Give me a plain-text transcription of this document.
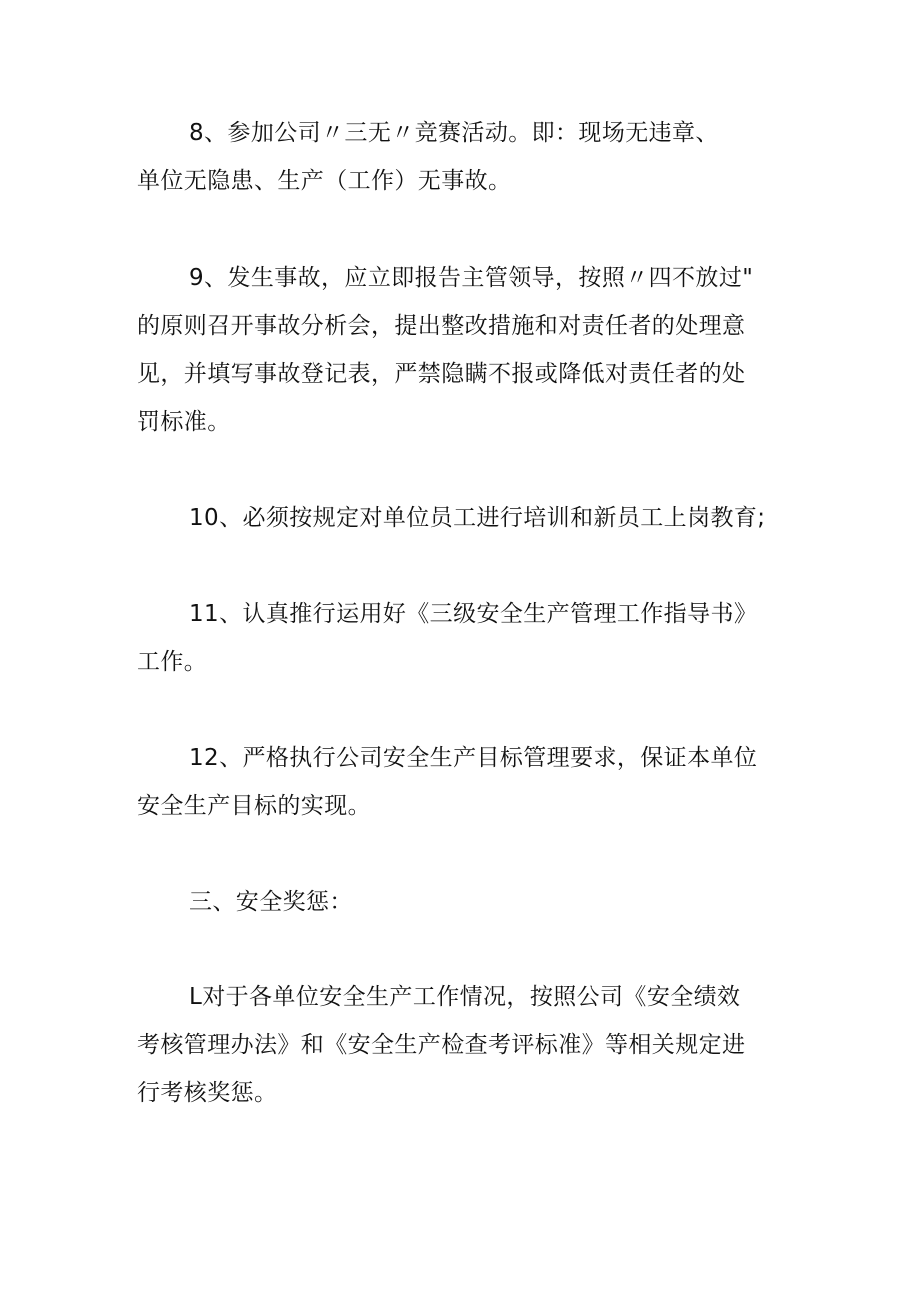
8、参加公司〃三无〃竞赛活动。即：现场无违章、
单位无隐患、生产（工作）无事故。

9、发生事故，应立即报告主管领导，按照〃四不放过"
的原则召开事故分析会，提出整改措施和对责任者的处理意
见，并填写事故登记表，严禁隐瞒不报或降低对责任者的处
罚标准。

10、必须按规定对单位员工进行培训和新员工上岗教育;

11、认真推行运用好《三级安全生产管理工作指导书》
工作。

12、严格执行公司安全生产目标管理要求，保证本单位
安全生产目标的实现。

三、安全奖惩：

L对于各单位安全生产工作情况，按照公司《安全绩效
考核管理办法》和《安全生产检查考评标准》等相关规定进
行考核奖惩。
